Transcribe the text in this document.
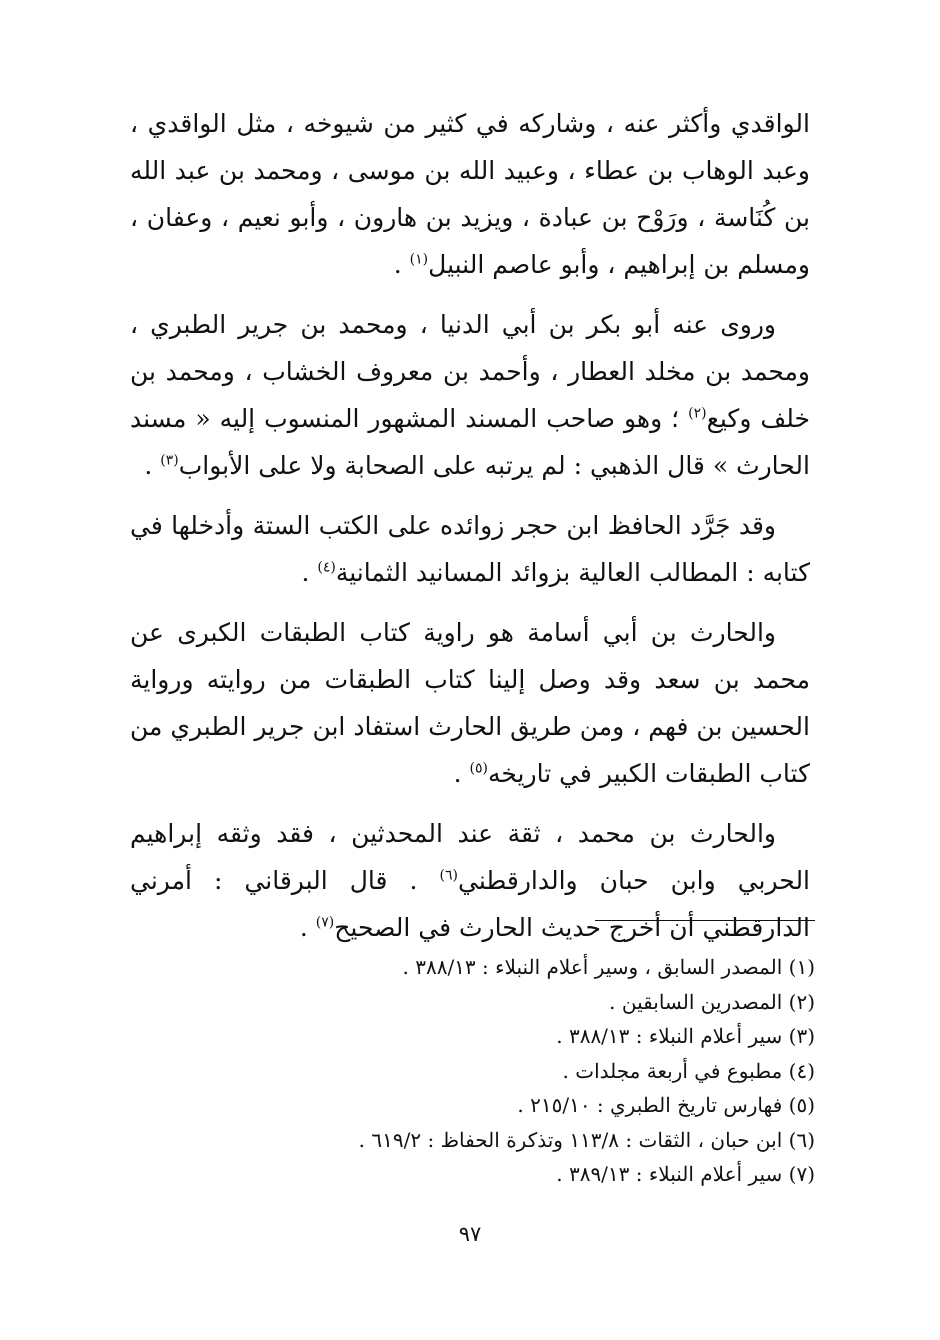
الواقدي وأكثر عنه ، وشاركه في كثير من شيوخه ، مثل الواقدي ، وعبد الوهاب بن عطاء ، وعبيد الله بن موسى ، ومحمد بن عبد الله بن كُنَاسة ، ورَوْح بن عبادة ، ويزيد بن هارون ، وأبو نعيم ، وعفان ، ومسلم بن إبراهيم ، وأبو عاصم النبيل$^{(١)}$ .

وروى عنه أبو بكر بن أبي الدنيا ، ومحمد بن جرير الطبري ، ومحمد بن مخلد العطار ، وأحمد بن معروف الخشاب ، ومحمد بن خلف وكيع$^{(٢)}$ ؛ وهو صاحب المسند المشهور المنسوب إليه « مسند الحارث » قال الذهبي : لم يرتبه على الصحابة ولا على الأبواب$^{(٣)}$ .

وقد جَرَّد الحافظ ابن حجر زوائده على الكتب الستة وأدخلها في كتابه : المطالب العالية بزوائد المسانيد الثمانية$^{(٤)}$ .

والحارث بن أبي أسامة هو راوية كتاب الطبقات الكبرى عن محمد بن سعد وقد وصل إلينا كتاب الطبقات من روايته ورواية الحسين بن فهم ، ومن طريق الحارث استفاد ابن جرير الطبري من كتاب الطبقات الكبير في تاريخه$^{(٥)}$ .

والحارث بن محمد ، ثقة عند المحدثين ، فقد وثقه إبراهيم الحربي وابن حبان والدارقطني$^{(٦)}$ . قال البرقاني : أمرني الدارقطني أن أخرج حديث الحارث في الصحيح$^{(٧)}$ .

(١) المصدر السابق ، وسير أعلام النبلاء : ٣٨٨/١٣ .

(٢) المصدرين السابقين .

(٣) سير أعلام النبلاء : ٣٨٨/١٣ .

(٤) مطبوع في أربعة مجلدات .

(٥) فهارس تاريخ الطبري : ٢١٥/١٠ .

(٦) ابن حبان ، الثقات : ١١٣/٨ وتذكرة الحفاظ : ٦١٩/٢ .

(٧) سير أعلام النبلاء : ٣٨٩/١٣ .

٩٧
